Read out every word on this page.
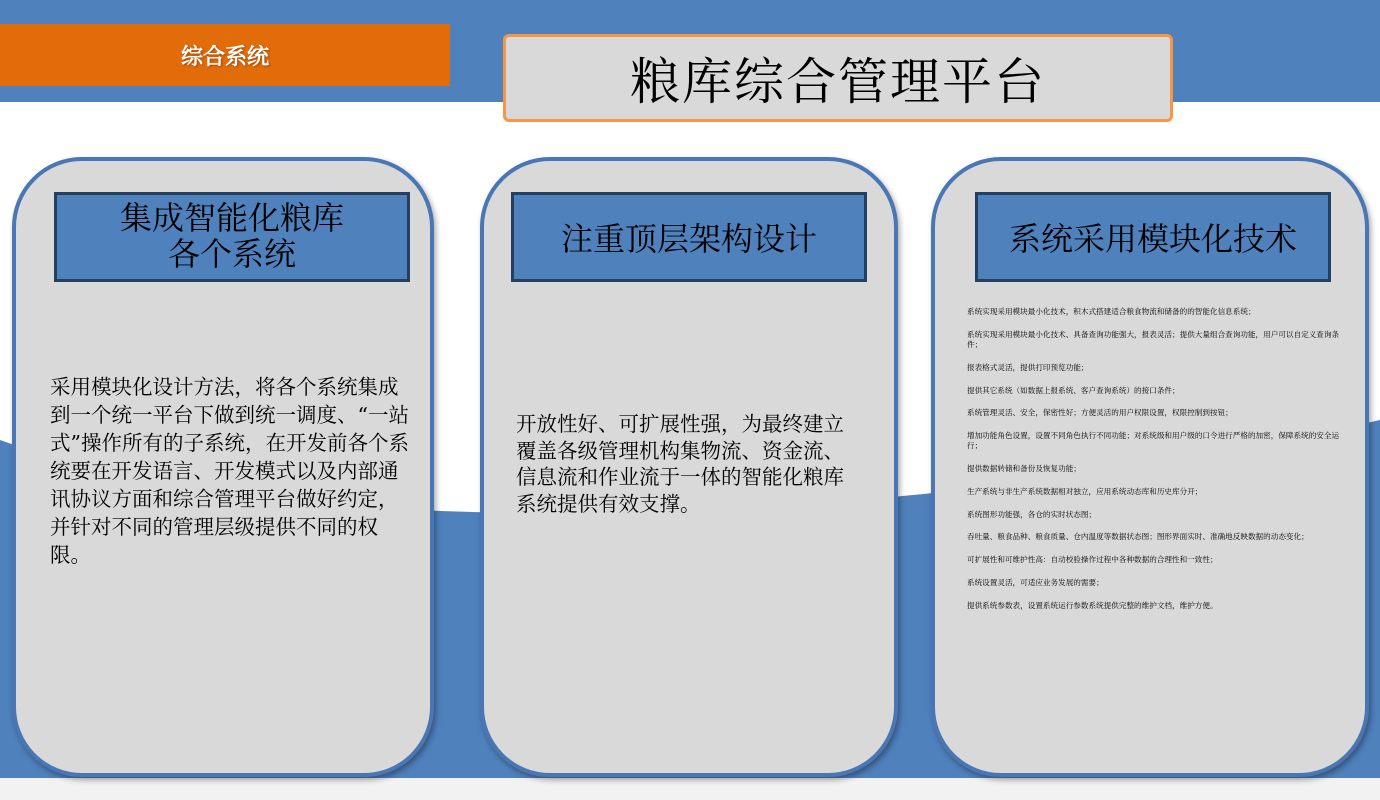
综合系统	粮库综合管理平台
集成智能化粮库
各个系统
采用模块化设计方法，将各个系统集成到一个统一平台下做到统一调度、“一站式”操作所有的子系统，在开发前各个系统要在开发语言、开发模式以及内部通讯协议方面和综合管理平台做好约定，并针对不同的管理层级提供不同的权限。
注重顶层架构设计
开放性好、可扩展性强，为最终建立覆盖各级管理机构集物流、资金流、信息流和作业流于一体的智能化粮库系统提供有效支撑。
系统采用模块化技术
系统实现采用模块最小化技术，积木式搭建适合粮食物流和储备的的智能化信息系统；
系统实现采用模块最小化技术、具备查询功能强大，报表灵活；提供大量组合查询功能，用户可以自定义查询条件；
报表格式灵活，提供打印预览功能；
提供其它系统（如数据上报系统、客户查询系统）的接口条件；
系统管理灵活、安全，保密性好；方便灵活的用户权限设置，权限控制到按钮；
增加功能角色设置，设置不同角色执行不同功能；对系统级和用户级的口令进行严格的加密，保障系统的安全运行；
提供数据转储和备份及恢复功能；
生产系统与非生产系统数据相对独立，应用系统动态库和历史库分开；
系统图形功能强，各仓的实时状态图；
吞吐量、粮食品种、粮食质量、仓内温度等数据状态图；图形界面实时、准确地反映数据的动态变化；
可扩展性和可维护性高：自动校验操作过程中各种数据的合理性和一致性；
系统设置灵活，可适应业务发展的需要；
提供系统参数表，设置系统运行参数系统提供完整的维护文档，维护方便。
